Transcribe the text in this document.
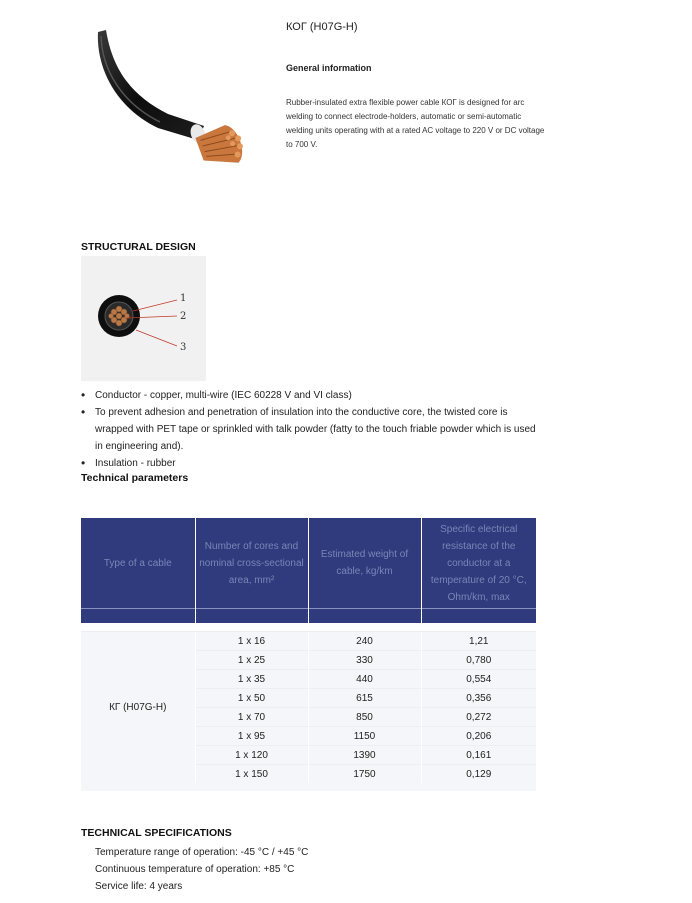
КОГ (H07G-H)
General information
Rubber-insulated extra flexible power cable КОГ is designed for arc welding to connect electrode-holders, automatic or semi-automatic welding units operating with at a rated AC voltage to 220 V or DC voltage to 700 V.
STRUCTURAL DESIGN
1
2
3
• Conductor - copper, multi-wire (IEC 60228 V and VI class)
• To prevent adhesion and penetration of insulation into the conductive core, the twisted core is wrapped with PET tape or sprinkled with talk powder (fatty to the touch friable powder which is used in engineering and).
• Insulation - rubber
Technical parameters
Type of a cable	Number of cores and nominal cross-sectional area, mm²	Estimated weight of cable, kg/km	Specific electrical resistance of the conductor at a temperature of 20 °C, Ohm/km, max

КГ (H07G-H)	1 x 16	240	1,21
	1 x 25	330	0,780
	1 x 35	440	0,554
	1 x 50	615	0,356
	1 x 70	850	0,272
	1 x 95	1150	0,206
	1 x 120	1390	0,161
	1 x 150	1750	0,129

TECHNICAL SPECIFICATIONS
Temperature range of operation: -45 °C / +45 °C
Continuous temperature of operation: +85 °C
Service life: 4 years
